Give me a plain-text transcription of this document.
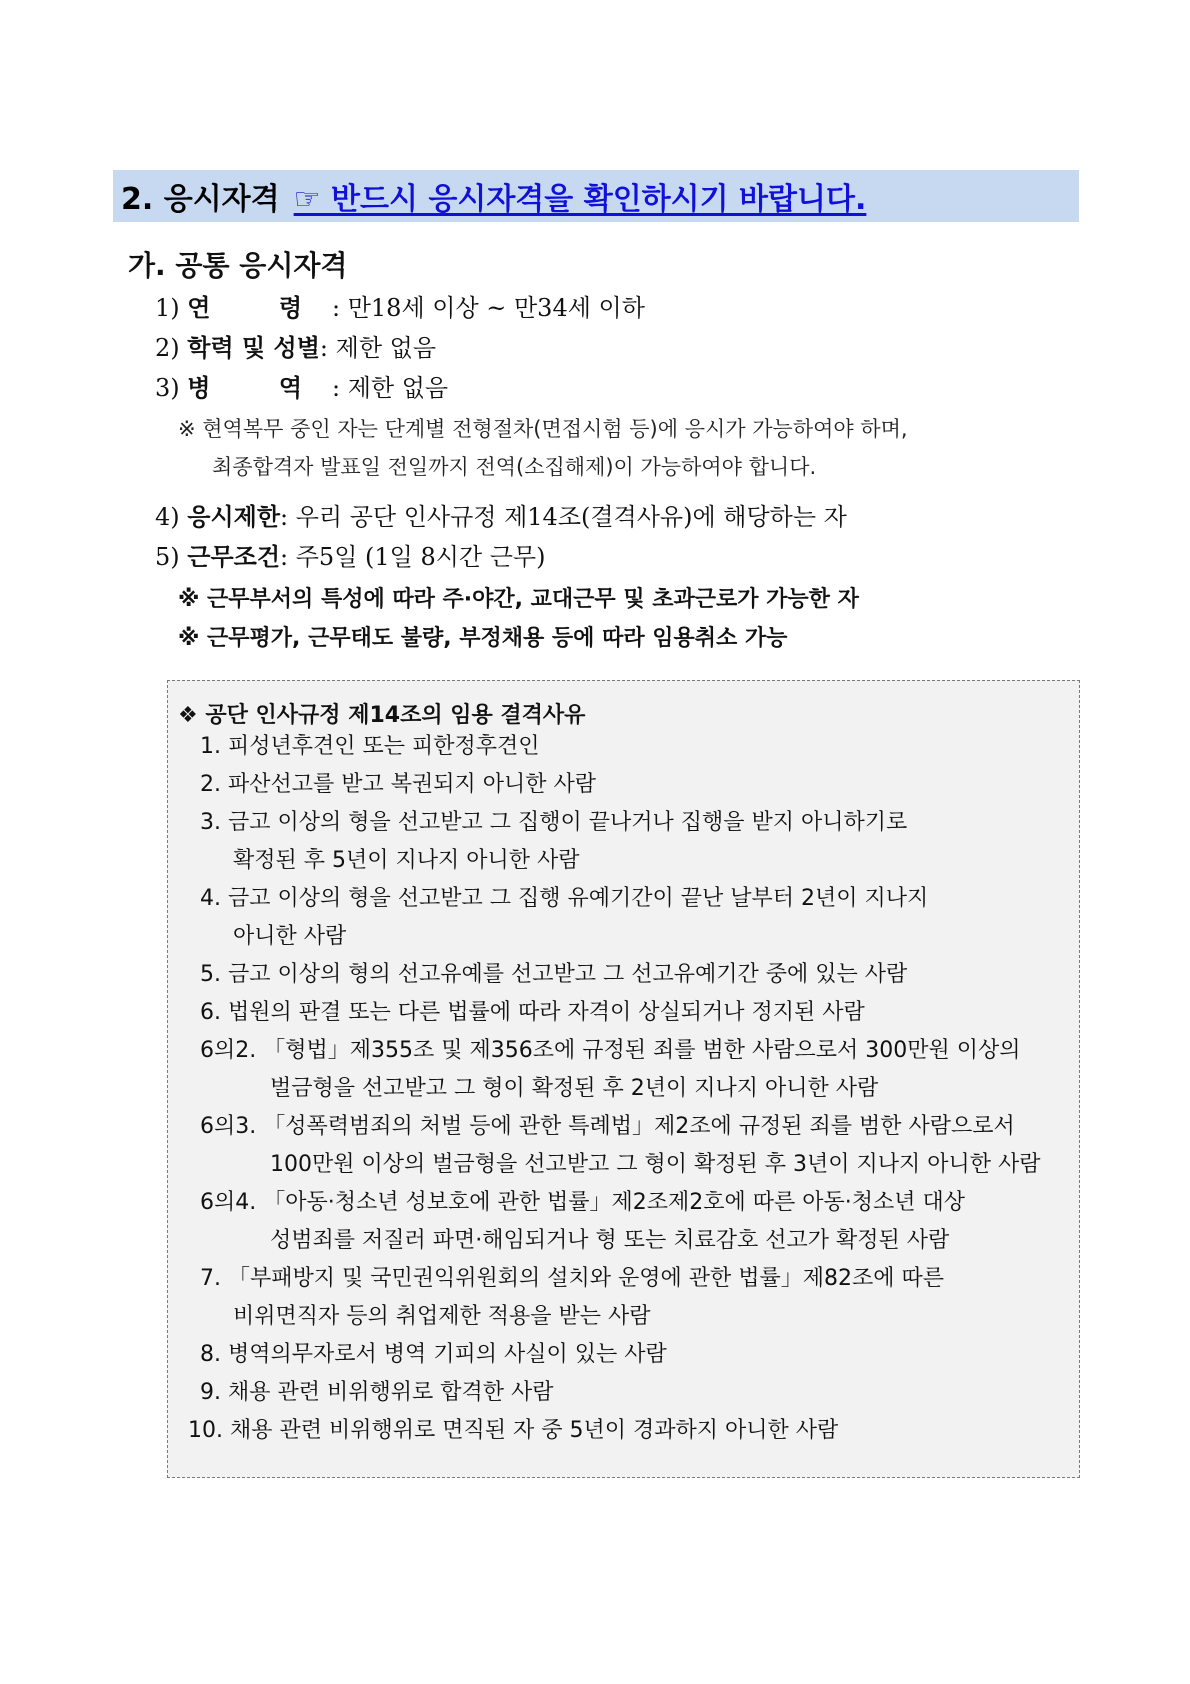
2. 응시자격 ☞ 반드시 응시자격을 확인하시기 바랍니다.
가. 공통 응시자격
1) 연 령: 만18세 이상 ~ 만34세 이하
2) 학력 및 성별: 제한 없음
3) 병 역: 제한 없음
※ 현역복무 중인 자는 단계별 전형절차(면접시험 등)에 응시가 가능하여야 하며,
최종합격자 발표일 전일까지 전역(소집해제)이 가능하여야 합니다.
4) 응시제한: 우리 공단 인사규정 제14조(결격사유)에 해당하는 자
5) 근무조건: 주5일 (1일 8시간 근무)
※ 근무부서의 특성에 따라 주·야간, 교대근무 및 초과근로가 가능한 자
※ 근무평가, 근무태도 불량, 부정채용 등에 따라 임용취소 가능
❖ 공단 인사규정 제14조의 임용 결격사유
1. 피성년후견인 또는 피한정후견인
2. 파산선고를 받고 복권되지 아니한 사람
3. 금고 이상의 형을 선고받고 그 집행이 끝나거나 집행을 받지 아니하기로
확정된 후 5년이 지나지 아니한 사람
4. 금고 이상의 형을 선고받고 그 집행 유예기간이 끝난 날부터 2년이 지나지
아니한 사람
5. 금고 이상의 형의 선고유예를 선고받고 그 선고유예기간 중에 있는 사람
6. 법원의 판결 또는 다른 법률에 따라 자격이 상실되거나 정지된 사람
6의2. 「형법」제355조 및 제356조에 규정된 죄를 범한 사람으로서 300만원 이상의
벌금형을 선고받고 그 형이 확정된 후 2년이 지나지 아니한 사람
6의3. 「성폭력범죄의 처벌 등에 관한 특례법」제2조에 규정된 죄를 범한 사람으로서
100만원 이상의 벌금형을 선고받고 그 형이 확정된 후 3년이 지나지 아니한 사람
6의4. 「아동·청소년 성보호에 관한 법률」제2조제2호에 따른 아동·청소년 대상
성범죄를 저질러 파면·해임되거나 형 또는 치료감호 선고가 확정된 사람
7. 「부패방지 및 국민권익위원회의 설치와 운영에 관한 법률」제82조에 따른
비위면직자 등의 취업제한 적용을 받는 사람
8. 병역의무자로서 병역 기피의 사실이 있는 사람
9. 채용 관련 비위행위로 합격한 사람
10. 채용 관련 비위행위로 면직된 자 중 5년이 경과하지 아니한 사람
